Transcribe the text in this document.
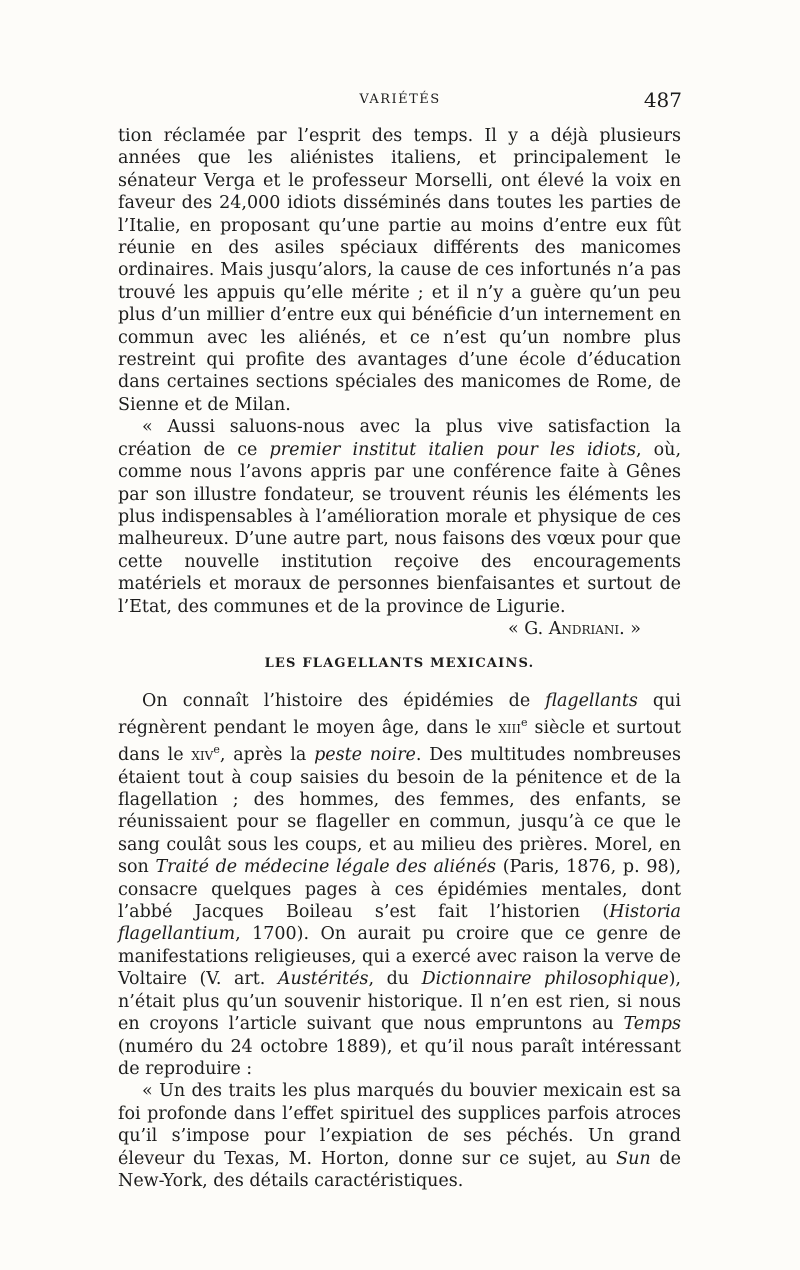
VARIÉTÉS	487

tion réclamée par l’esprit des temps. Il y a déjà plusieurs années que les aliénistes italiens, et principalement le sénateur Verga et le professeur Morselli, ont élevé la voix en faveur des 24,000 idiots disséminés dans toutes les parties de l’Italie, en proposant qu’une partie au moins d’entre eux fût réunie en des asiles spéciaux différents des manicomes ordinaires. Mais jusqu’alors, la cause de ces infortunés n’a pas trouvé les appuis qu’elle mérite ; et il n’y a guère qu’un peu plus d’un millier d’entre eux qui bénéficie d’un internement en commun avec les aliénés, et ce n’est qu’un nombre plus restreint qui profite des avantages d’une école d’éducation dans certaines sections spéciales des manicomes de Rome, de Sienne et de Milan.

« Aussi saluons-nous avec la plus vive satisfaction la création de ce premier institut italien pour les idiots, où, comme nous l’avons appris par une conférence faite à Gênes par son illustre fondateur, se trouvent réunis les éléments les plus indispensables à l’amélioration morale et physique de ces malheureux. D’une autre part, nous faisons des vœux pour que cette nouvelle institution reçoive des encouragements matériels et moraux de personnes bienfaisantes et surtout de l’Etat, des communes et de la province de Ligurie.

« G. Andriani. »

LES FLAGELLANTS MEXICAINS.

On connaît l’histoire des épidémies de flagellants qui régnèrent pendant le moyen âge, dans le xiii$^e$ siècle et surtout dans le xiv$^e$, après la peste noire. Des multitudes nombreuses étaient tout à coup saisies du besoin de la pénitence et de la flagellation ; des hommes, des femmes, des enfants, se réunissaient pour se flageller en commun, jusqu’à ce que le sang coulât sous les coups, et au milieu des prières. Morel, en son Traité de médecine légale des aliénés (Paris, 1876, p. 98), consacre quelques pages à ces épidémies mentales, dont l’abbé Jacques Boileau s’est fait l’historien (Historia flagellantium, 1700). On aurait pu croire que ce genre de manifestations religieuses, qui a exercé avec raison la verve de Voltaire (V. art. Austérités, du Dictionnaire philosophique), n’était plus qu’un souvenir historique. Il n’en est rien, si nous en croyons l’article suivant que nous empruntons au Temps (numéro du 24 octobre 1889), et qu’il nous paraît intéressant de reproduire :

« Un des traits les plus marqués du bouvier mexicain est sa foi profonde dans l’effet spirituel des supplices parfois atroces qu’il s’impose pour l’expiation de ses péchés. Un grand éleveur du Texas, M. Horton, donne sur ce sujet, au Sun de New-York, des détails caractéristiques.
